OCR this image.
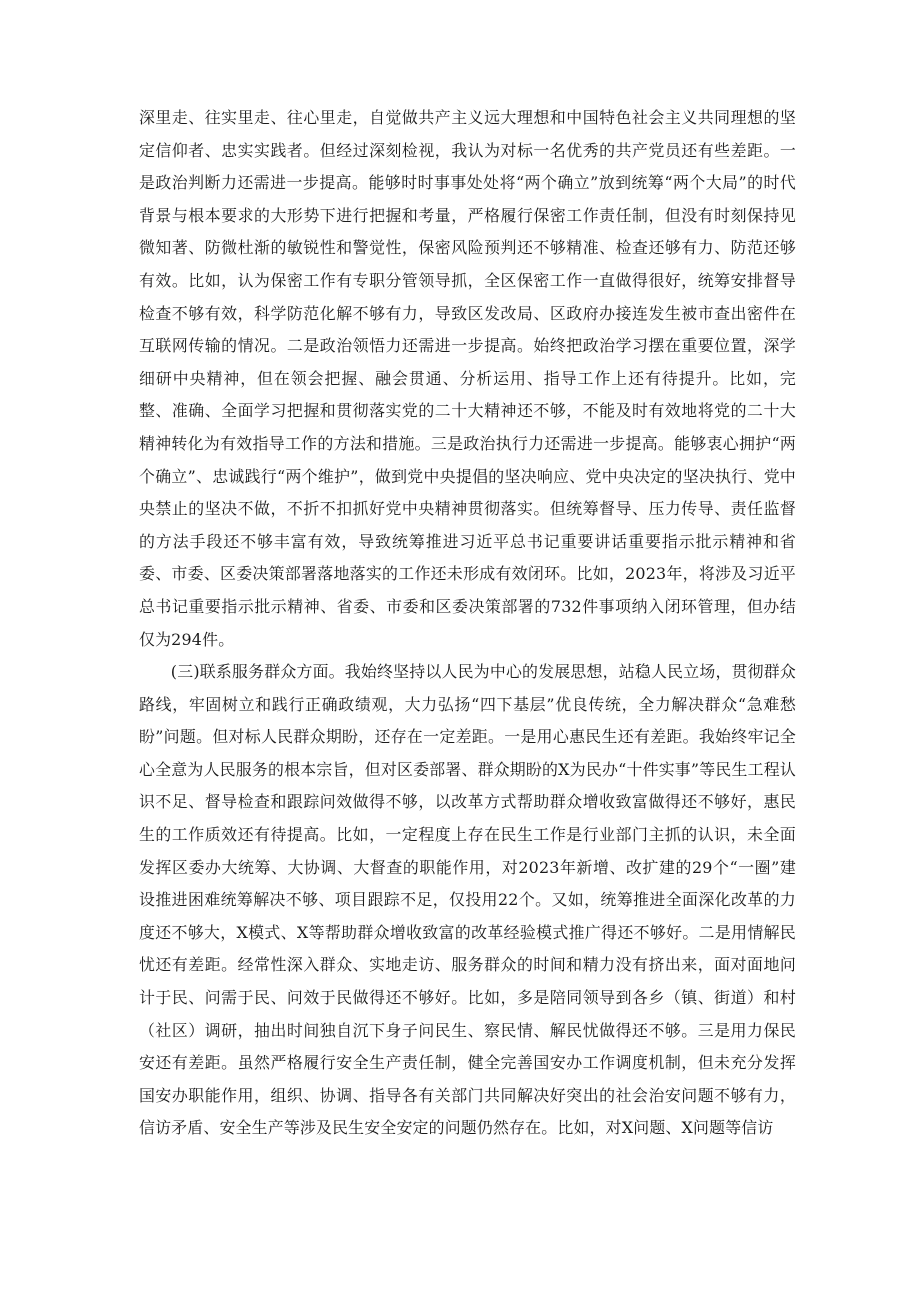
深里走、往实里走、往心里走，自觉做共产主义远大理想和中国特色社会主义共同理想的坚定信仰者、忠实实践者。但经过深刻检视，我认为对标一名优秀的共产党员还有些差距。一是政治判断力还需进一步提高。能够时时事事处处将“两个确立”放到统筹“两个大局”的时代背景与根本要求的大形势下进行把握和考量，严格履行保密工作责任制，但没有时刻保持见微知著、防微杜渐的敏锐性和警觉性，保密风险预判还不够精准、检查还够有力、防范还够有效。比如，认为保密工作有专职分管领导抓，全区保密工作一直做得很好，统筹安排督导检查不够有效，科学防范化解不够有力，导致区发改局、区政府办接连发生被市查出密件在互联网传输的情况。二是政治领悟力还需进一步提高。始终把政治学习摆在重要位置，深学细研中央精神，但在领会把握、融会贯通、分析运用、指导工作上还有待提升。比如，完整、准确、全面学习把握和贯彻落实党的二十大精神还不够，不能及时有效地将党的二十大精神转化为有效指导工作的方法和措施。三是政治执行力还需进一步提高。能够衷心拥护“两个确立”、忠诚践行“两个维护”，做到党中央提倡的坚决响应、党中央决定的坚决执行、党中央禁止的坚决不做，不折不扣抓好党中央精神贯彻落实。但统筹督导、压力传导、责任监督的方法手段还不够丰富有效，导致统筹推进习近平总书记重要讲话重要指示批示精神和省委、市委、区委决策部署落地落实的工作还未形成有效闭环。比如，2023年，将涉及习近平总书记重要指示批示精神、省委、市委和区委决策部署的732件事项纳入闭环管理，但办结仅为294件。

(三)联系服务群众方面。我始终坚持以人民为中心的发展思想，站稳人民立场，贯彻群众路线，牢固树立和践行正确政绩观，大力弘扬“四下基层”优良传统，全力解决群众“急难愁盼”问题。但对标人民群众期盼，还存在一定差距。一是用心惠民生还有差距。我始终牢记全心全意为人民服务的根本宗旨，但对区委部署、群众期盼的X为民办“十件实事”等民生工程认识不足、督导检查和跟踪问效做得不够，以改革方式帮助群众增收致富做得还不够好，惠民生的工作质效还有待提高。比如，一定程度上存在民生工作是行业部门主抓的认识，未全面发挥区委办大统筹、大协调、大督查的职能作用，对2023年新增、改扩建的29个“一圈”建设推进困难统筹解决不够、项目跟踪不足，仅投用22个。又如，统筹推进全面深化改革的力度还不够大，X模式、X等帮助群众增收致富的改革经验模式推广得还不够好。二是用情解民忧还有差距。经常性深入群众、实地走访、服务群众的时间和精力没有挤出来，面对面地问计于民、问需于民、问效于民做得还不够好。比如，多是陪同领导到各乡（镇、街道）和村（社区）调研，抽出时间独自沉下身子问民生、察民情、解民忧做得还不够。三是用力保民安还有差距。虽然严格履行安全生产责任制，健全完善国安办工作调度机制，但未充分发挥国安办职能作用，组织、协调、指导各有关部门共同解决好突出的社会治安问题不够有力，信访矛盾、安全生产等涉及民生安全安定的问题仍然存在。比如，对X问题、X问题等信访
